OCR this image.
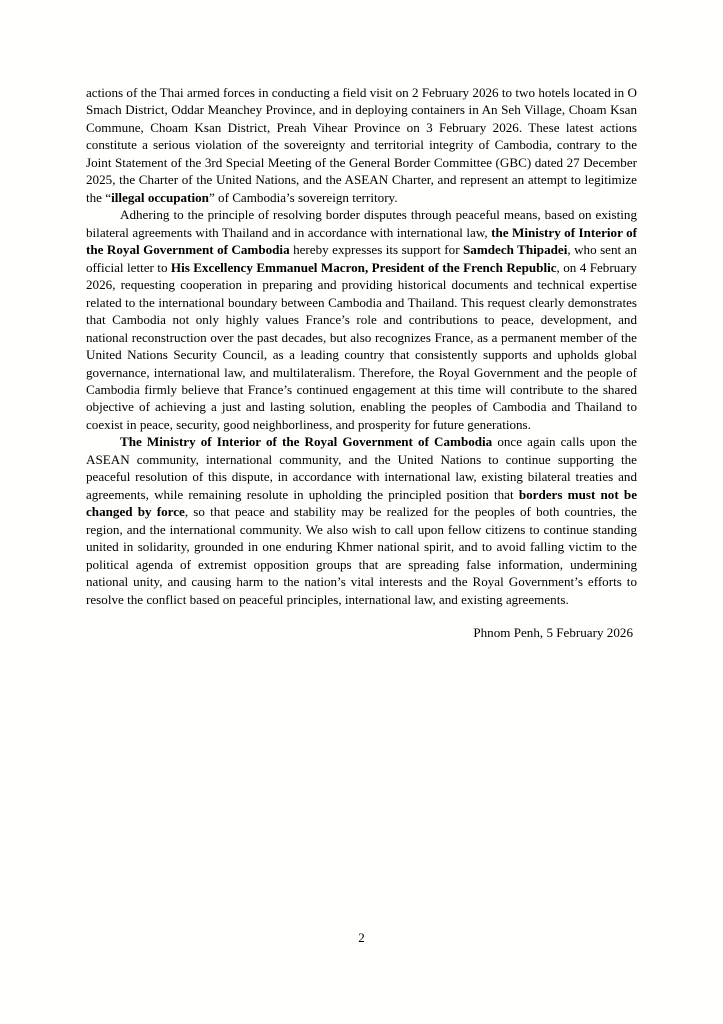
actions of the Thai armed forces in conducting a field visit on 2 February 2026 to two hotels located in O Smach District, Oddar Meanchey Province, and in deploying containers in An Seh Village, Choam Ksan Commune, Choam Ksan District, Preah Vihear Province on 3 February 2026. These latest actions constitute a serious violation of the sovereignty and territorial integrity of Cambodia, contrary to the Joint Statement of the 3rd Special Meeting of the General Border Committee (GBC) dated 27 December 2025, the Charter of the United Nations, and the ASEAN Charter, and represent an attempt to legitimize the “illegal occupation” of Cambodia’s sovereign territory.

Adhering to the principle of resolving border disputes through peaceful means, based on existing bilateral agreements with Thailand and in accordance with international law, the Ministry of Interior of the Royal Government of Cambodia hereby expresses its support for Samdech Thipadei, who sent an official letter to His Excellency Emmanuel Macron, President of the French Republic, on 4 February 2026, requesting cooperation in preparing and providing historical documents and technical expertise related to the international boundary between Cambodia and Thailand. This request clearly demonstrates that Cambodia not only highly values France’s role and contributions to peace, development, and national reconstruction over the past decades, but also recognizes France, as a permanent member of the United Nations Security Council, as a leading country that consistently supports and upholds global governance, international law, and multilateralism. Therefore, the Royal Government and the people of Cambodia firmly believe that France’s continued engagement at this time will contribute to the shared objective of achieving a just and lasting solution, enabling the peoples of Cambodia and Thailand to coexist in peace, security, good neighborliness, and prosperity for future generations.

The Ministry of Interior of the Royal Government of Cambodia once again calls upon the ASEAN community, international community, and the United Nations to continue supporting the peaceful resolution of this dispute, in accordance with international law, existing bilateral treaties and agreements, while remaining resolute in upholding the principled position that borders must not be changed by force, so that peace and stability may be realized for the peoples of both countries, the region, and the international community. We also wish to call upon fellow citizens to continue standing united in solidarity, grounded in one enduring Khmer national spirit, and to avoid falling victim to the political agenda of extremist opposition groups that are spreading false information, undermining national unity, and causing harm to the nation’s vital interests and the Royal Government’s efforts to resolve the conflict based on peaceful principles, international law, and existing agreements.

Phnom Penh, 5 February 2026

2
